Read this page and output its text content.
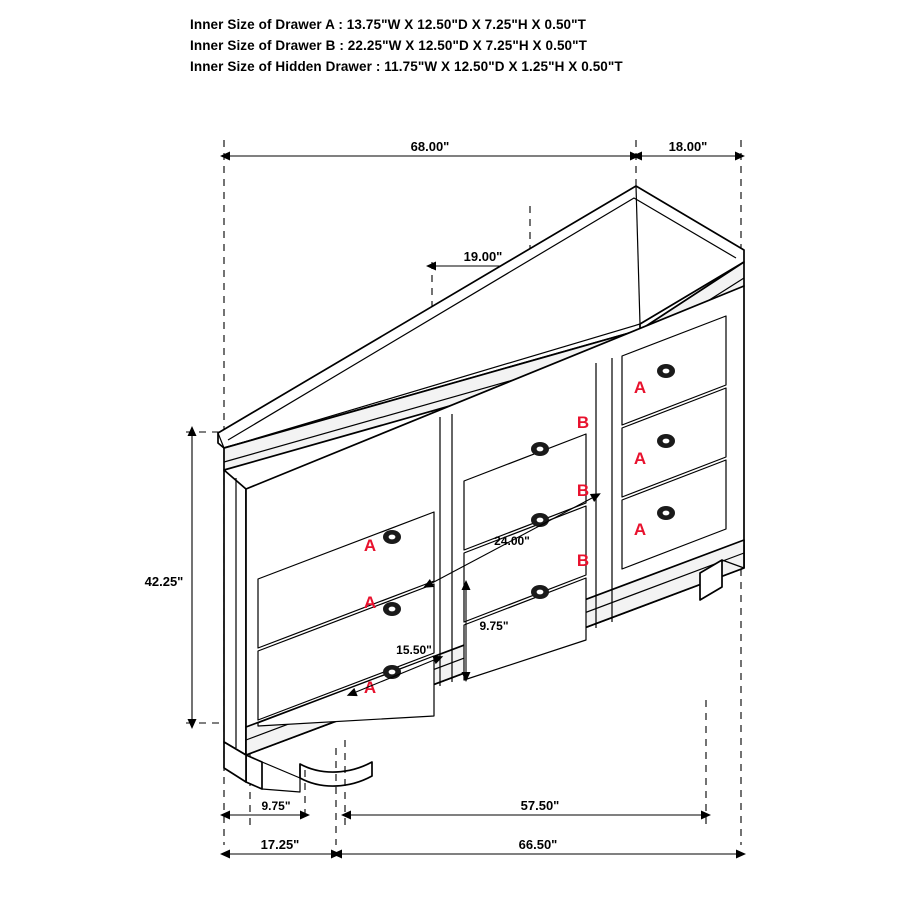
Inner Size of Drawer A : 13.75"W X 12.50"D X 7.25"H X 0.50"T
Inner Size of Drawer B : 22.25"W X 12.50"D X 7.25"H X 0.50"T
Inner Size of Hidden Drawer : 11.75"W X 12.50"D X 1.25"H X 0.50"T
68.00"	18.00"
19.00"
42.25"
A
A
A
B
B
B
A
A
A
24.00"
9.75"
15.50"
9.75"	57.50"
17.25"	66.50"
